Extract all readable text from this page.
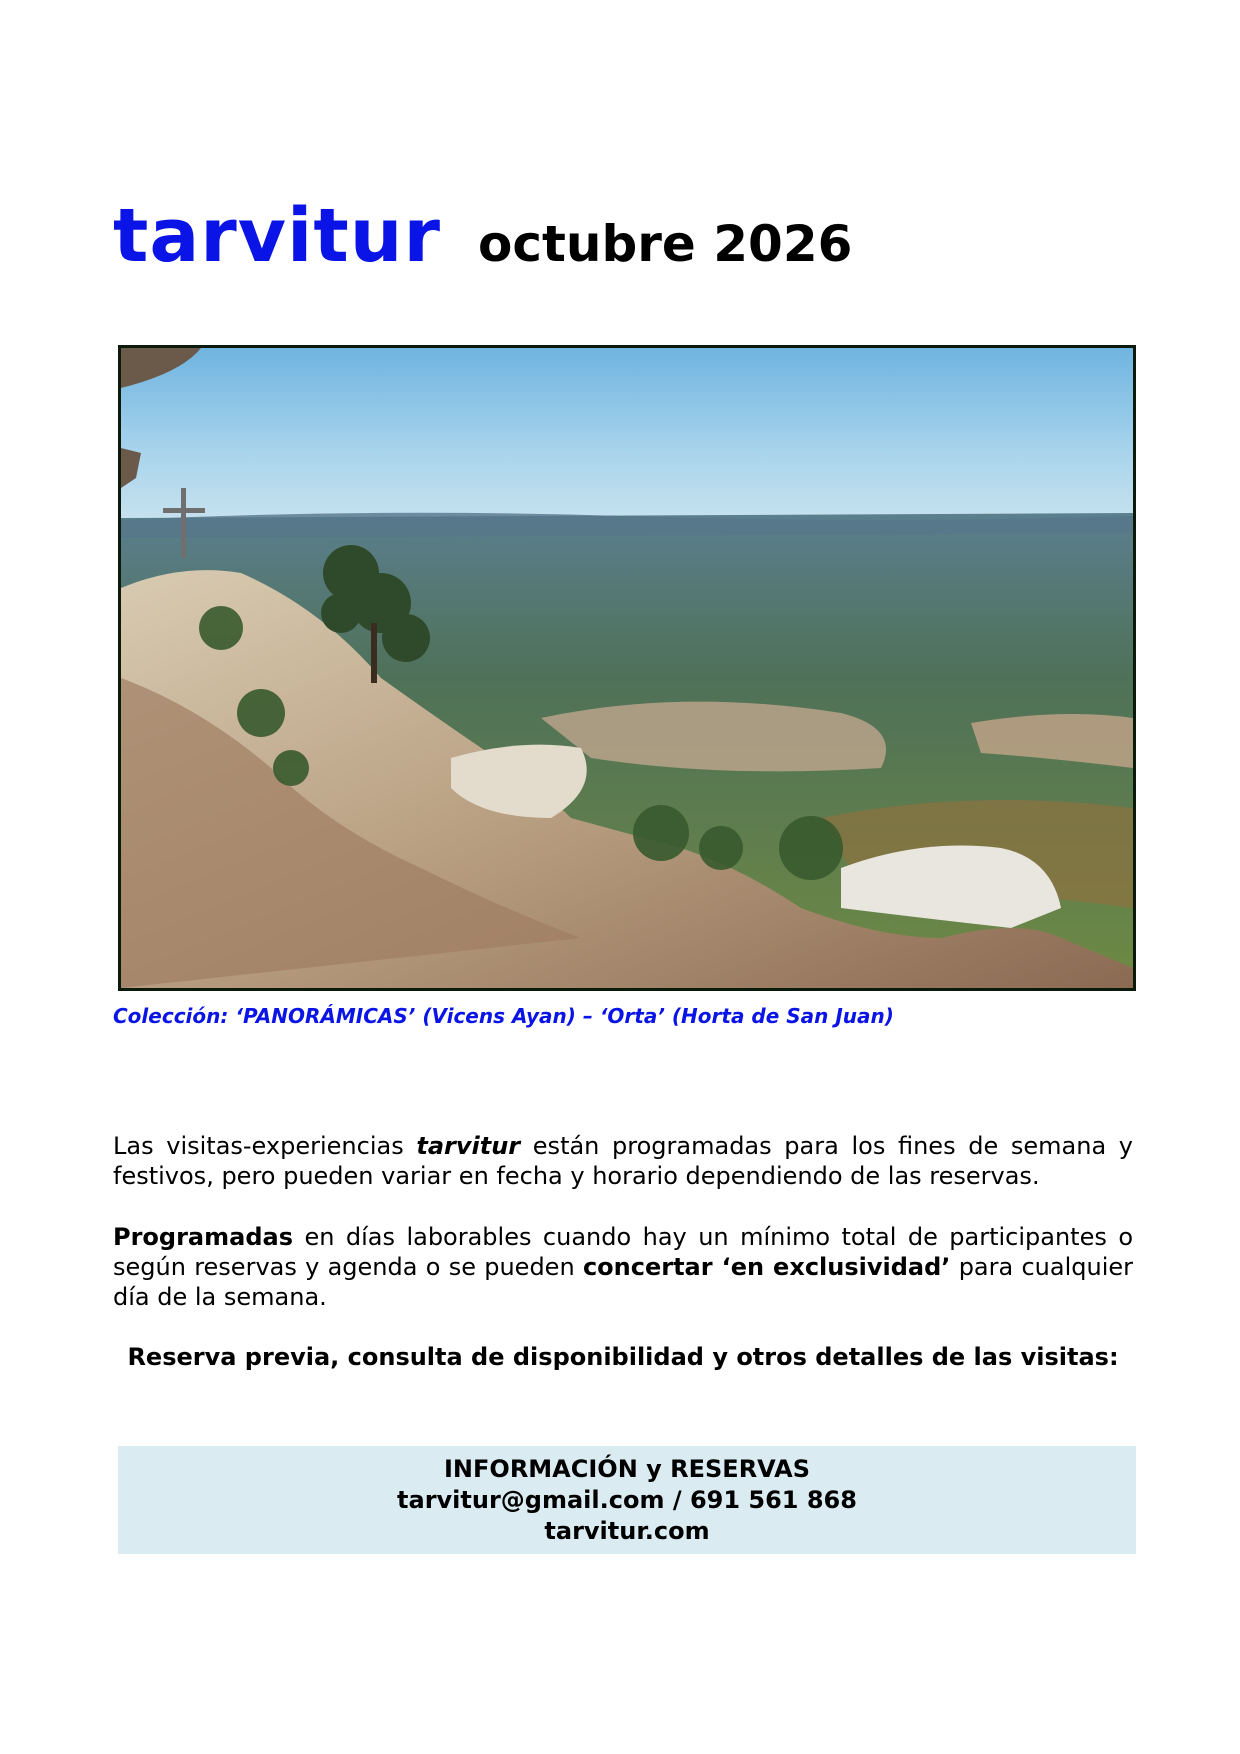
tarvitur octubre 2026
Colección: ‘PANORÁMICAS’ (Vicens Ayan) – ‘Orta’ (Horta de San Juan)
Las visitas-experiencias tarvitur están programadas para los fines de semana y festivos, pero pueden variar en fecha y horario dependiendo de las reservas.
Programadas en días laborables cuando hay un mínimo total de participantes o según reservas y agenda o se pueden concertar ‘en exclusividad’ para cualquier día de la semana.
Reserva previa, consulta de disponibilidad y otros detalles de las visitas:
INFORMACIÓN y RESERVAS
tarvitur@gmail.com / 691 561 868
tarvitur.com
